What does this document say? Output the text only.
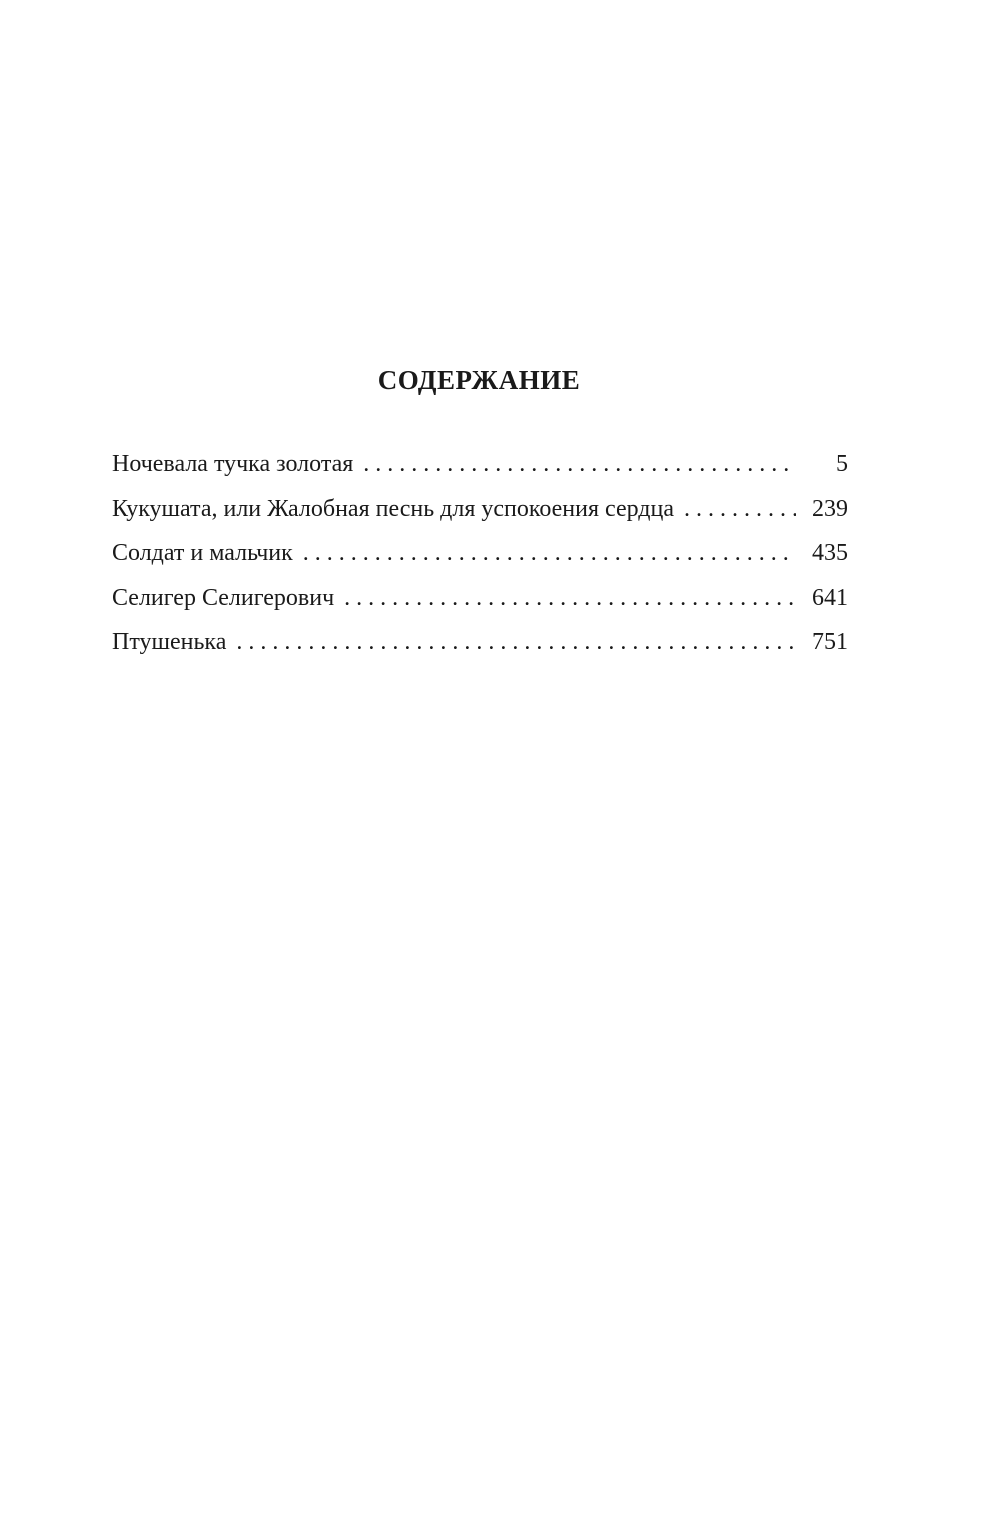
СОДЕРЖАНИЕ
Ночевала тучка золотая . . .	5
Кукушата, или Жалобная песнь для успокоения сердца . . .	239
Солдат и мальчик . . .	435
Селигер Селигерович . . .	641
Птушенька . . .	751
